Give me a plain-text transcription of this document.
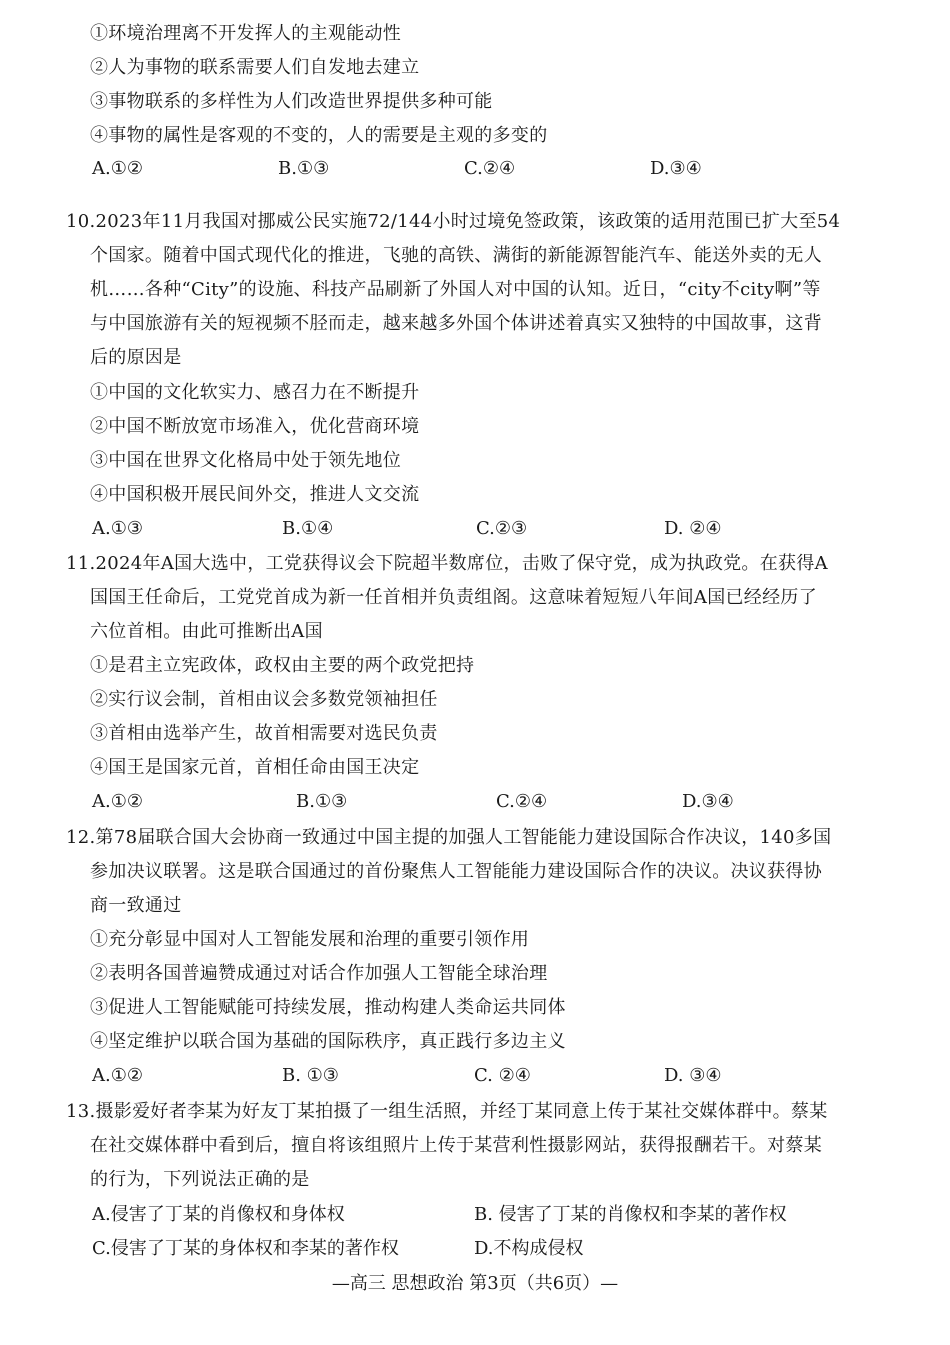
①环境治理离不开发挥人的主观能动性
②人为事物的联系需要人们自发地去建立
③事物联系的多样性为人们改造世界提供多种可能
④事物的属性是客观的不变的，人的需要是主观的多变的
A.①②	B.①③	C.②④	D.③④
10.2023年11月我国对挪威公民实施72/144小时过境免签政策，该政策的适用范围已扩大至54
个国家。随着中国式现代化的推进，飞驰的高铁、满街的新能源智能汽车、能送外卖的无人
机……各种“City”的设施、科技产品刷新了外国人对中国的认知。近日，“city不city啊”等
与中国旅游有关的短视频不胫而走，越来越多外国个体讲述着真实又独特的中国故事，这背
后的原因是
①中国的文化软实力、感召力在不断提升
②中国不断放宽市场准入，优化营商环境
③中国在世界文化格局中处于领先地位
④中国积极开展民间外交，推进人文交流
A.①③	B.①④	C.②③	D. ②④
11.2024年A国大选中，工党获得议会下院超半数席位，击败了保守党，成为执政党。在获得A
国国王任命后，工党党首成为新一任首相并负责组阁。这意味着短短八年间A国已经经历了
六位首相。由此可推断出A国
①是君主立宪政体，政权由主要的两个政党把持
②实行议会制，首相由议会多数党领袖担任
③首相由选举产生，故首相需要对选民负责
④国王是国家元首，首相任命由国王决定
A.①②	B.①③	C.②④	D.③④
12.第78届联合国大会协商一致通过中国主提的加强人工智能能力建设国际合作决议，140多国
参加决议联署。这是联合国通过的首份聚焦人工智能能力建设国际合作的决议。决议获得协
商一致通过
①充分彰显中国对人工智能发展和治理的重要引领作用
②表明各国普遍赞成通过对话合作加强人工智能全球治理
③促进人工智能赋能可持续发展，推动构建人类命运共同体
④坚定维护以联合国为基础的国际秩序，真正践行多边主义
A.①②	B. ①③	C. ②④	D. ③④
13.摄影爱好者李某为好友丁某拍摄了一组生活照，并经丁某同意上传于某社交媒体群中。蔡某
在社交媒体群中看到后，擅自将该组照片上传于某营利性摄影网站，获得报酬若干。对蔡某
的行为，下列说法正确的是
A.侵害了丁某的肖像权和身体权	B. 侵害了丁某的肖像权和李某的著作权
C.侵害了丁某的身体权和李某的著作权	D.不构成侵权
—高三 思想政治 第3页（共6页）—
